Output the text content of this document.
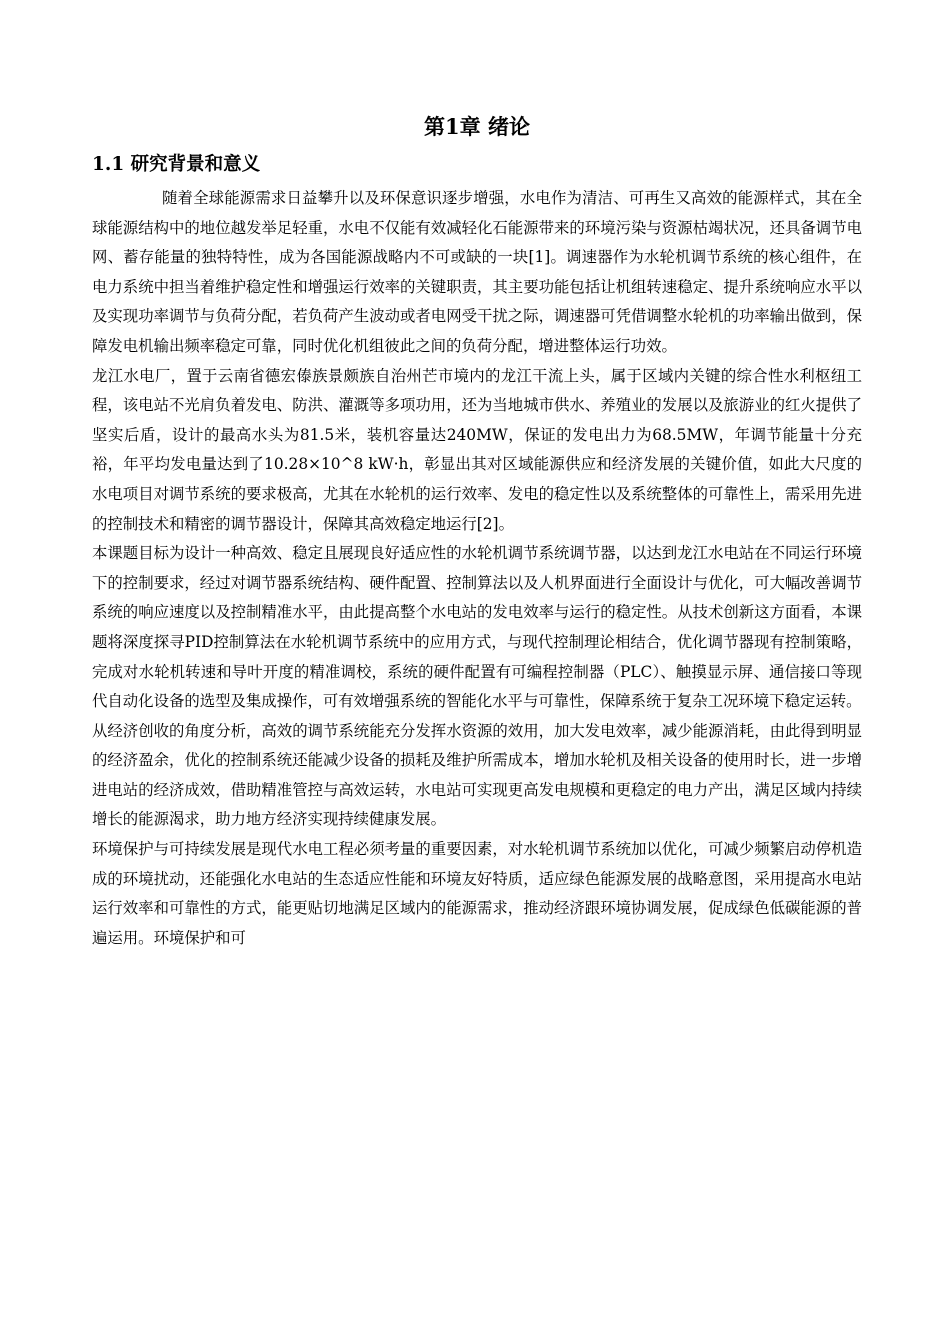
第1章 绪论
1.1 研究背景和意义

随着全球能源需求日益攀升以及环保意识逐步增强，水电作为清洁、可再生又高效的能源样式，其在全球能源结构中的地位越发举足轻重，水电不仅能有效减轻化石能源带来的环境污染与资源枯竭状况，还具备调节电网、蓄存能量的独特特性，成为各国能源战略内不可或缺的一块[1]。调速器作为水轮机调节系统的核心组件，在电力系统中担当着维护稳定性和增强运行效率的关键职责，其主要功能包括让机组转速稳定、提升系统响应水平以及实现功率调节与负荷分配，若负荷产生波动或者电网受干扰之际，调速器可凭借调整水轮机的功率输出做到，保障发电机输出频率稳定可靠，同时优化机组彼此之间的负荷分配，增进整体运行功效。

龙江水电厂，置于云南省德宏傣族景颇族自治州芒市境内的龙江干流上头，属于区域内关键的综合性水利枢纽工程，该电站不光肩负着发电、防洪、灌溉等多项功用，还为当地城市供水、养殖业的发展以及旅游业的红火提供了坚实后盾，设计的最高水头为81.5米，装机容量达240MW，保证的发电出力为68.5MW，年调节能量十分充裕，年平均发电量达到了10.28×10^8 kW·h，彰显出其对区域能源供应和经济发展的关键价值，如此大尺度的水电项目对调节系统的要求极高，尤其在水轮机的运行效率、发电的稳定性以及系统整体的可靠性上，需采用先进的控制技术和精密的调节器设计，保障其高效稳定地运行[2]。

本课题目标为设计一种高效、稳定且展现良好适应性的水轮机调节系统调节器，以达到龙江水电站在不同运行环境下的控制要求，经过对调节器系统结构、硬件配置、控制算法以及人机界面进行全面设计与优化，可大幅改善调节系统的响应速度以及控制精准水平，由此提高整个水电站的发电效率与运行的稳定性。从技术创新这方面看，本课题将深度探寻PID控制算法在水轮机调节系统中的应用方式，与现代控制理论相结合，优化调节器现有控制策略，完成对水轮机转速和导叶开度的精准调校，系统的硬件配置有可编程控制器（PLC）、触摸显示屏、通信接口等现代自动化设备的选型及集成操作，可有效增强系统的智能化水平与可靠性，保障系统于复杂工况环境下稳定运转。

从经济创收的角度分析，高效的调节系统能充分发挥水资源的效用，加大发电效率，减少能源消耗，由此得到明显的经济盈余，优化的控制系统还能减少设备的损耗及维护所需成本，增加水轮机及相关设备的使用时长，进一步增进电站的经济成效，借助精准管控与高效运转，水电站可实现更高发电规模和更稳定的电力产出，满足区域内持续增长的能源渴求，助力地方经济实现持续健康发展。

环境保护与可持续发展是现代水电工程必须考量的重要因素，对水轮机调节系统加以优化，可减少频繁启动停机造成的环境扰动，还能强化水电站的生态适应性能和环境友好特质，适应绿色能源发展的战略意图，采用提高水电站运行效率和可靠性的方式，能更贴切地满足区域内的能源需求，推动经济跟环境协调发展，促成绿色低碳能源的普遍运用。环境保护和可
